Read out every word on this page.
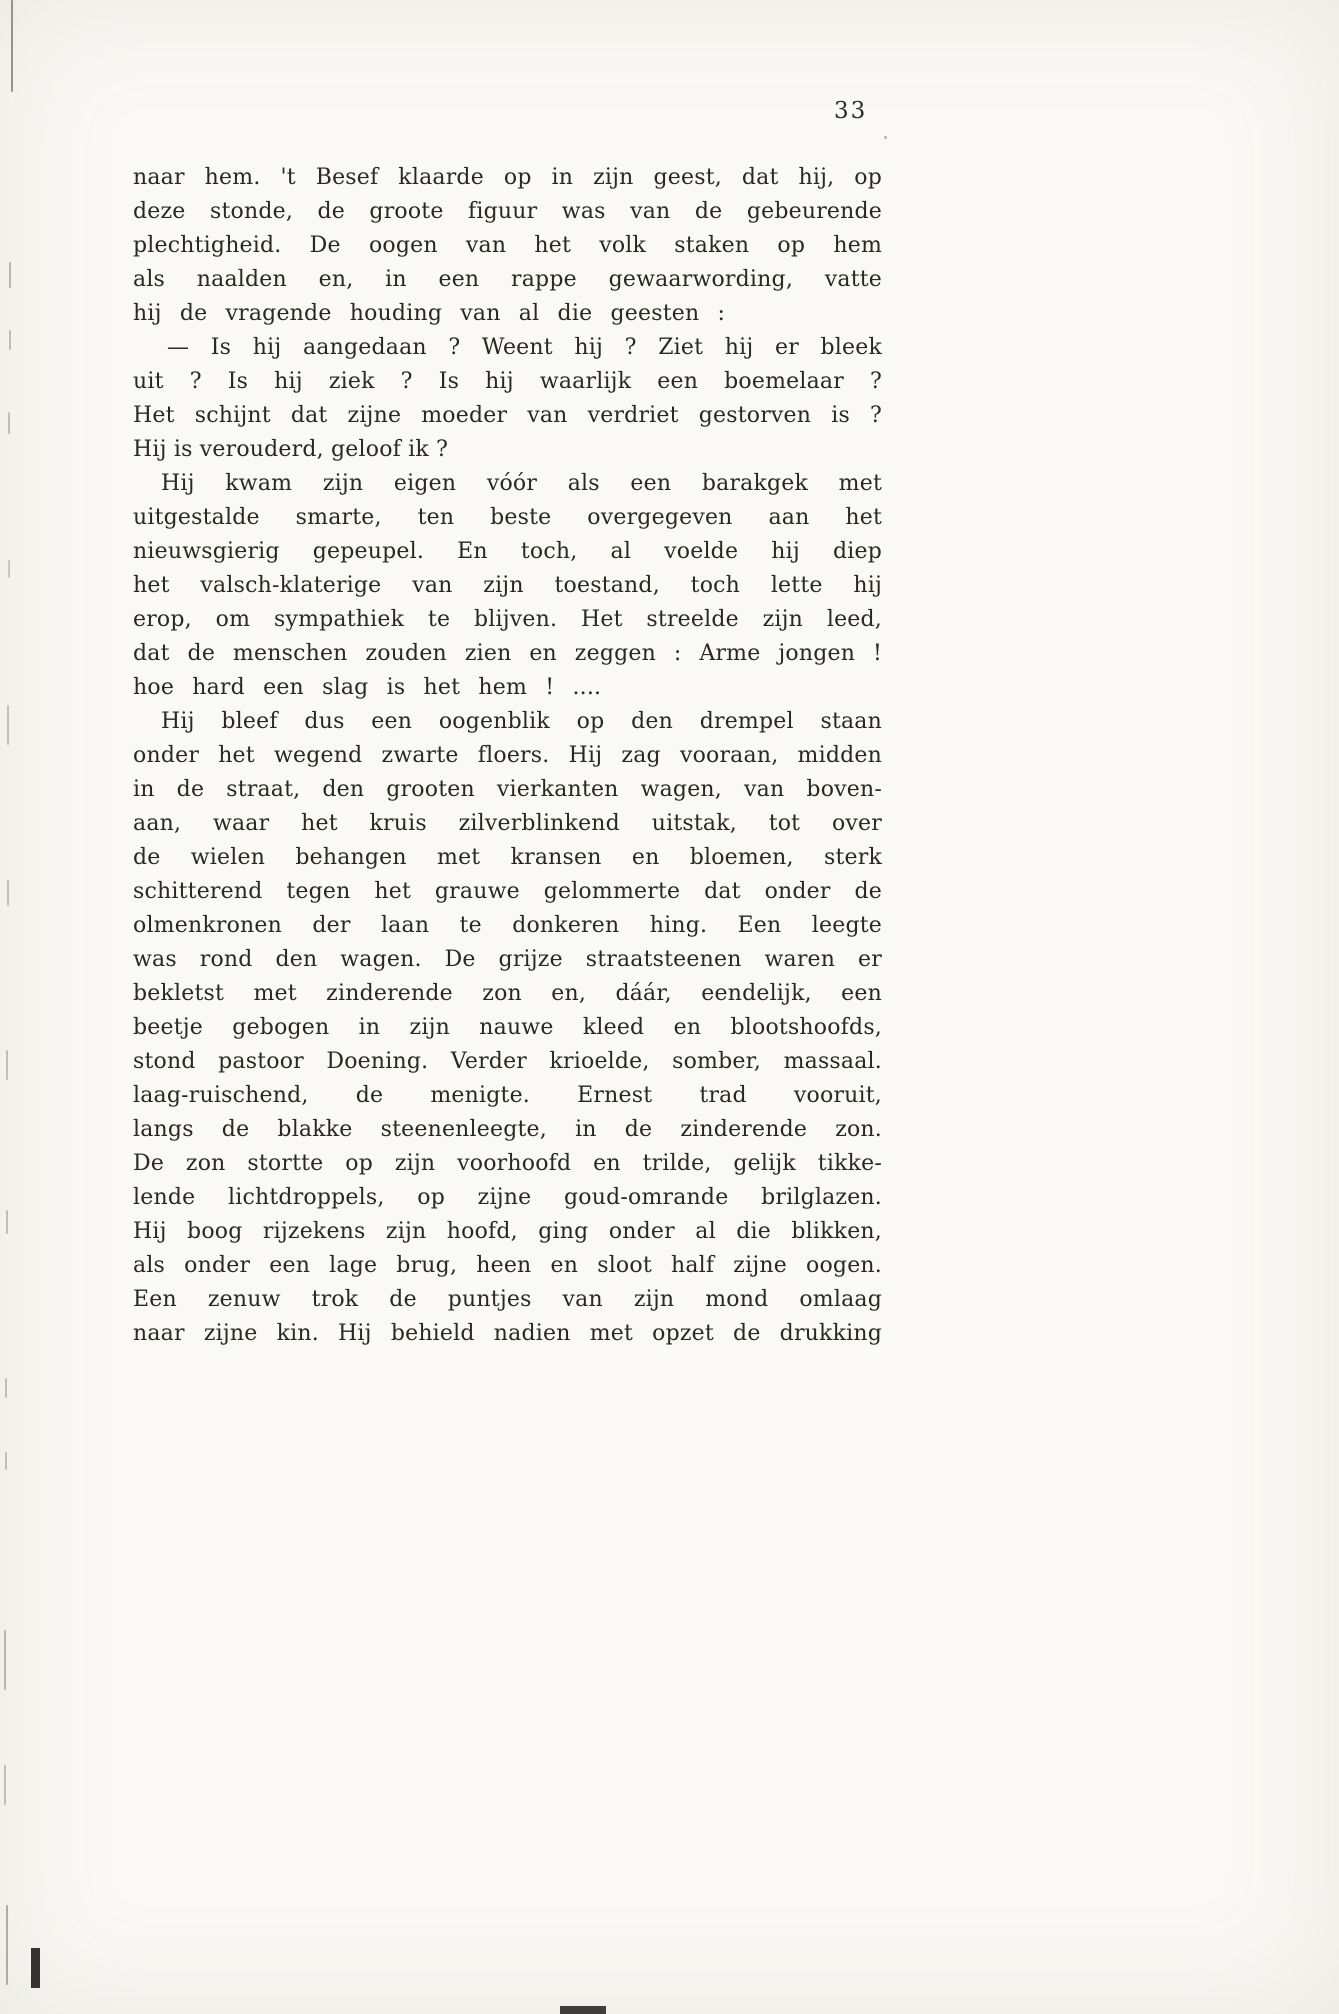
33
naar hem. 't Besef klaarde op in zijn geest, dat hij, op
deze stonde, de groote figuur was van de gebeurende
plechtigheid. De oogen van het volk staken op hem
als naalden en, in een rappe gewaarwording, vatte
hij de vragende houding van al die geesten :
— Is hij aangedaan ? Weent hij ? Ziet hij er bleek
uit ? Is hij ziek ? Is hij waarlijk een boemelaar ?
Het schijnt dat zijne moeder van verdriet gestorven is ?
Hij is verouderd, geloof ik ?
Hij kwam zijn eigen vóór als een barakgek met
uitgestalde smarte, ten beste overgegeven aan het
nieuwsgierig gepeupel. En toch, al voelde hij diep
het valsch-klaterige van zijn toestand, toch lette hij
erop, om sympathiek te blijven. Het streelde zijn leed,
dat de menschen zouden zien en zeggen : Arme jongen !
hoe hard een slag is het hem ! ....
Hij bleef dus een oogenblik op den drempel staan
onder het wegend zwarte floers. Hij zag vooraan, midden
in de straat, den grooten vierkanten wagen, van boven-
aan, waar het kruis zilverblinkend uitstak, tot over
de wielen behangen met kransen en bloemen, sterk
schitterend tegen het grauwe gelommerte dat onder de
olmenkronen der laan te donkeren hing. Een leegte
was rond den wagen. De grijze straatsteenen waren er
bekletst met zinderende zon en, dáár, eendelijk, een
beetje gebogen in zijn nauwe kleed en blootshoofds,
stond pastoor Doening. Verder krioelde, somber, massaal.
laag-ruischend, de menigte. Ernest trad vooruit,
langs de blakke steenenleegte, in de zinderende zon.
De zon stortte op zijn voorhoofd en trilde, gelijk tikke-
lende lichtdroppels, op zijne goud-omrande brilglazen.
Hij boog rijzekens zijn hoofd, ging onder al die blikken,
als onder een lage brug, heen en sloot half zijne oogen.
Een zenuw trok de puntjes van zijn mond omlaag
naar zijne kin. Hij behield nadien met opzet de drukking
